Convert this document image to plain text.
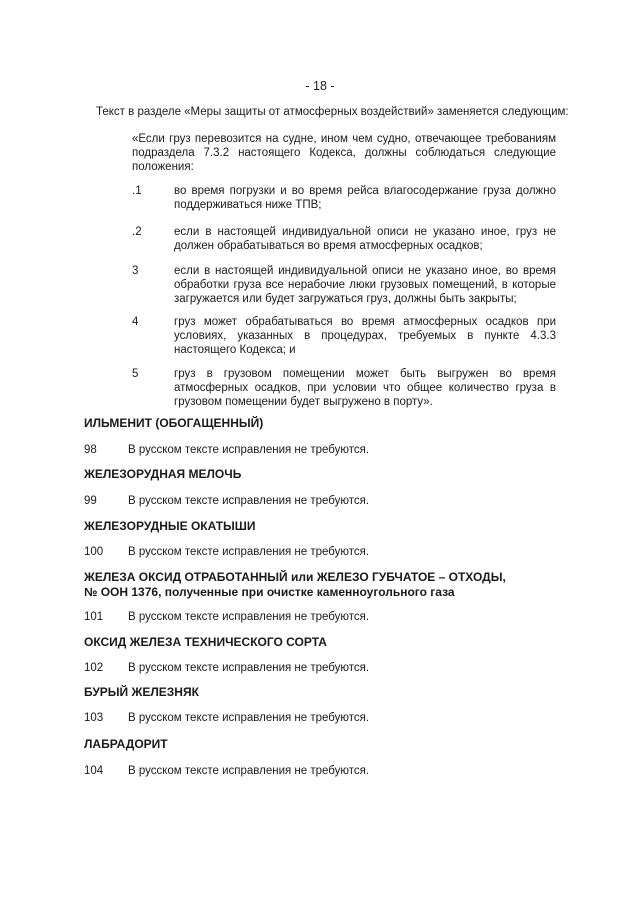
- 18 -
Текст в разделе «Меры защиты от атмосферных воздействий» заменяется следующим:
«Если груз перевозится на судне, ином чем судно, отвечающее требованиям подраздела 7.3.2 настоящего Кодекса, должны соблюдаться следующие положения:
.1	во время погрузки и во время рейса влагосодержание груза должно поддерживаться ниже ТПВ;
.2	если в настоящей индивидуальной описи не указано иное, груз не должен обрабатываться во время атмосферных осадков;
3	если в настоящей индивидуальной описи не указано иное, во время обработки груза все нерабочие люки грузовых помещений, в которые загружается или будет загружаться груз, должны быть закрыты;
4	груз может обрабатываться во время атмосферных осадков при условиях, указанных в процедурах, требуемых в пункте 4.3.3 настоящего Кодекса; и
5	груз в грузовом помещении может быть выгружен во время атмосферных осадков, при условии что общее количество груза в грузовом помещении будет выгружено в порту».
ИЛЬМЕНИТ (ОБОГАЩЕННЫЙ)
98	В русском тексте исправления не требуются.
ЖЕЛЕЗОРУДНАЯ МЕЛОЧЬ
99	В русском тексте исправления не требуются.
ЖЕЛЕЗОРУДНЫЕ ОКАТЫШИ
100 В русском тексте исправления не требуются.
ЖЕЛЕЗА ОКСИД ОТРАБОТАННЫЙ или ЖЕЛЕЗО ГУБЧАТОЕ – ОТХОДЫ,
№ ООН 1376, полученные при очистке каменноугольного газа
101 В русском тексте исправления не требуются.
ОКСИД ЖЕЛЕЗА ТЕХНИЧЕСКОГО СОРТА
102 В русском тексте исправления не требуются.
БУРЫЙ ЖЕЛЕЗНЯК
103 В русском тексте исправления не требуются.
ЛАБРАДОРИТ
104 В русском тексте исправления не требуются.
